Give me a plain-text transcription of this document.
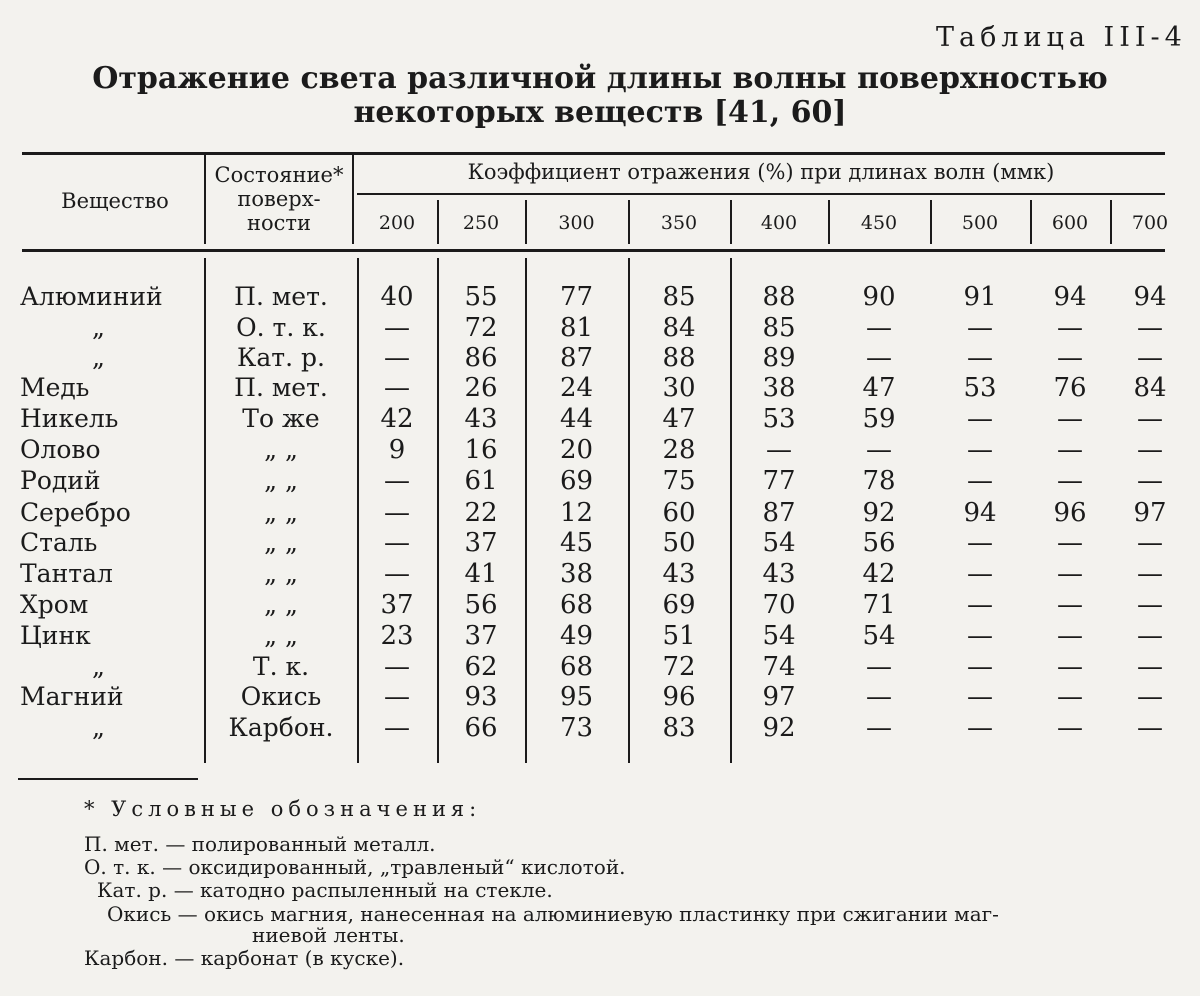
Таблица III-4
Отражение света различной длины волны поверхностью
некоторых веществ [41, 60]
Вещество
Состояние*
поверх-
ности
Коэффициент отражения (%) при длинах волн (ммк)
200	250	300	350	400	450	500	600	700
Алюминий	П. мет.	40	55	77	85	88	90	91	94	94
„	О. т. к.	—	72	81	84	85	—	—	—	—
„	Кат. р.	—	86	87	88	89	—	—	—	—
Медь	П. мет.	—	26	24	30	38	47	53	76	84
Никель	То же	42	43	44	47	53	59	—	—	—
Олово	„ „	9	16	20	28	—	—	—	—	—
Родий	„ „	—	61	69	75	77	78	—	—	—
Серебро	„ „	—	22	12	60	87	92	94	96	97
Сталь	„ „	—	37	45	50	54	56	—	—	—
Тантал	„ „	—	41	38	43	43	42	—	—	—
Хром	„ „	37	56	68	69	70	71	—	—	—
Цинк	„ „	23	37	49	51	54	54	—	—	—
„	Т. к.	—	62	68	72	74	—	—	—	—
Магний	Окись	—	93	95	96	97	—	—	—	—
„	Карбон.	—	66	73	83	92	—	—	—	—
* Условные обозначения:
П. мет. — полированный металл.
О. т. к. — оксидированный, „травленый“ кислотой.
Кат. р. — катодно распыленный на стекле.
Окись — окись магния, нанесенная на алюминиевую пластинку при сжигании маг-
ниевой ленты.
Карбон. — карбонат (в куске).
